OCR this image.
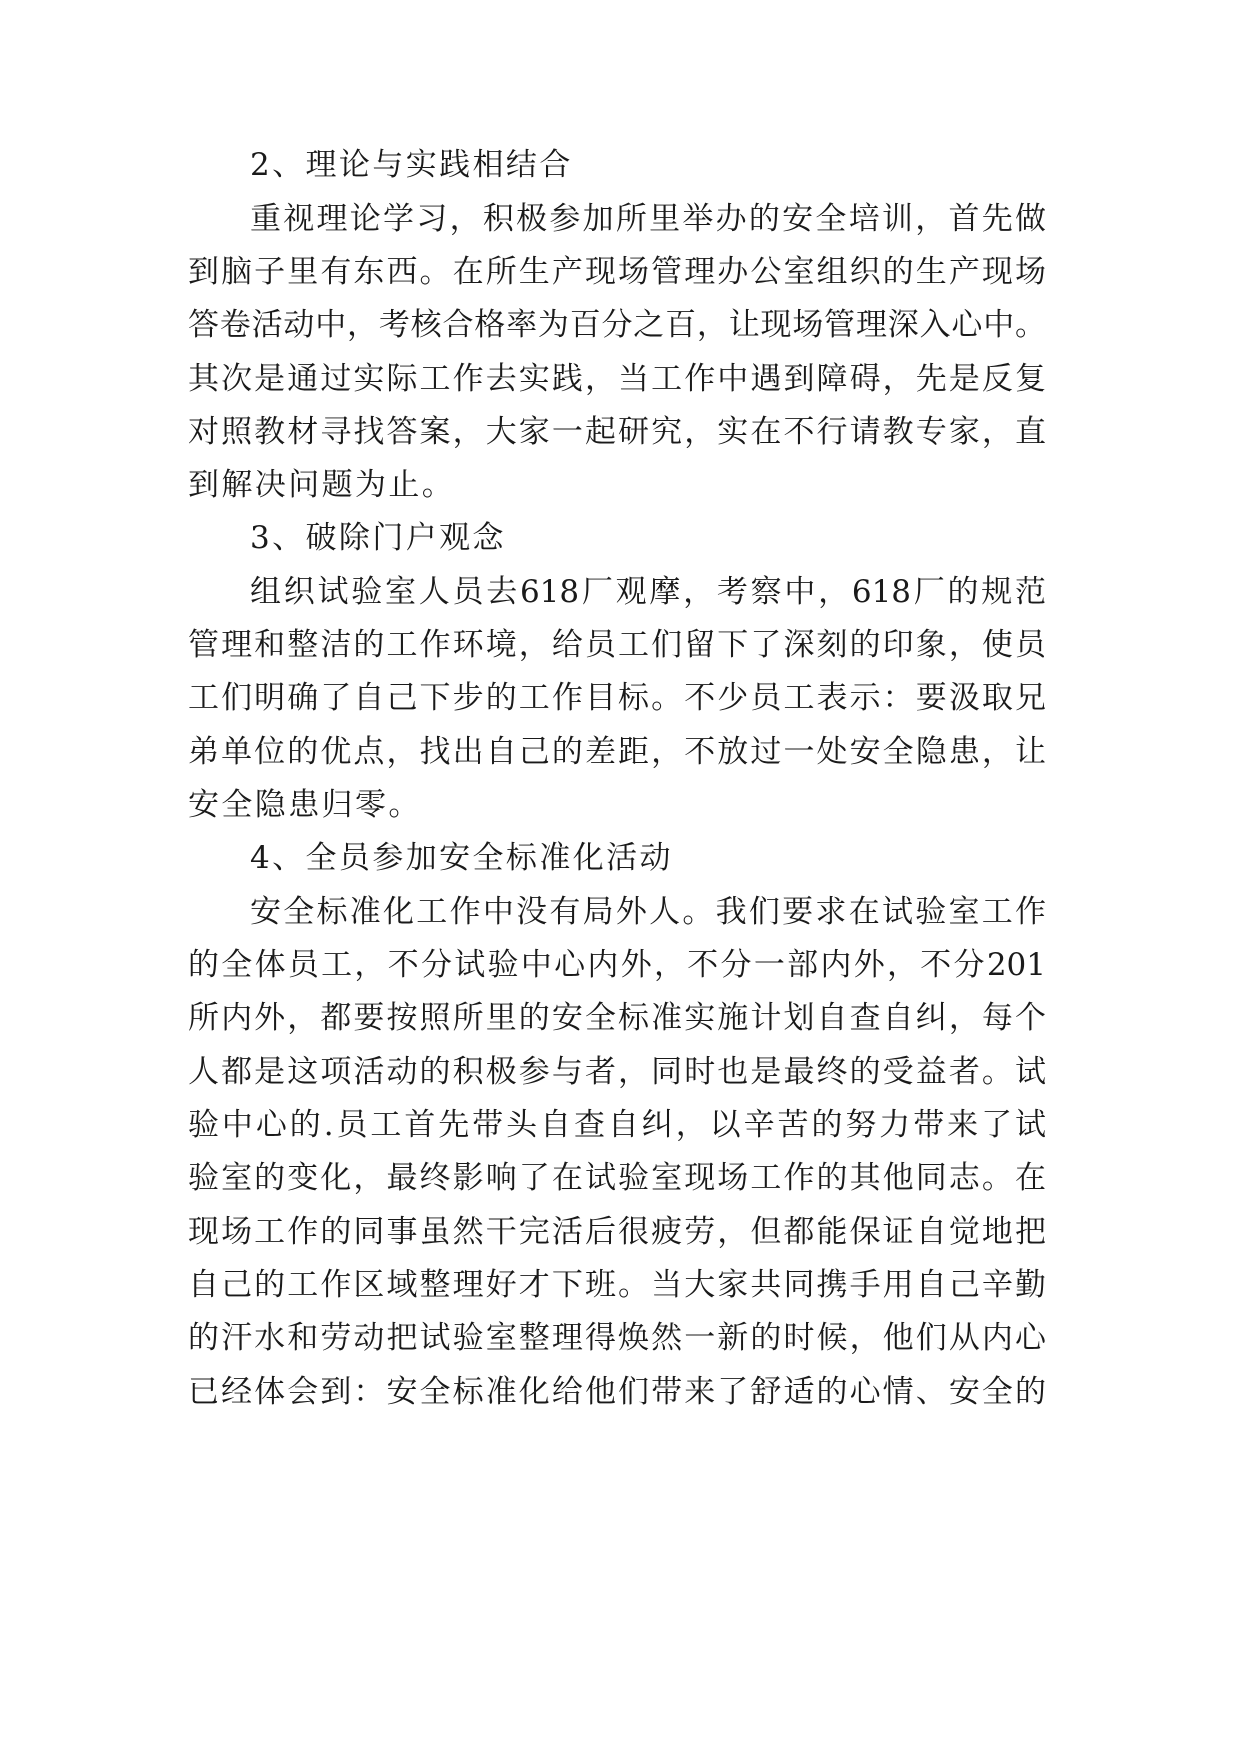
2、理论与实践相结合
重视理论学习，积极参加所里举办的安全培训，首先做
到脑子里有东西。在所生产现场管理办公室组织的生产现场
答卷活动中，考核合格率为百分之百，让现场管理深入心中。
其次是通过实际工作去实践，当工作中遇到障碍，先是反复
对照教材寻找答案，大家一起研究，实在不行请教专家，直
到解决问题为止。
3、破除门户观念
组织试验室人员去618厂观摩，考察中，618厂的规范
管理和整洁的工作环境，给员工们留下了深刻的印象，使员
工们明确了自己下步的工作目标。不少员工表示：要汲取兄
弟单位的优点，找出自己的差距，不放过一处安全隐患，让
安全隐患归零。
4、全员参加安全标准化活动
安全标准化工作中没有局外人。我们要求在试验室工作
的全体员工，不分试验中心内外，不分一部内外，不分201
所内外，都要按照所里的安全标准实施计划自查自纠，每个
人都是这项活动的积极参与者，同时也是最终的受益者。试
验中心的.员工首先带头自查自纠，以辛苦的努力带来了试
验室的变化，最终影响了在试验室现场工作的其他同志。在
现场工作的同事虽然干完活后很疲劳，但都能保证自觉地把
自己的工作区域整理好才下班。当大家共同携手用自己辛勤
的汗水和劳动把试验室整理得焕然一新的时候，他们从内心
已经体会到：安全标准化给他们带来了舒适的心情、安全的
